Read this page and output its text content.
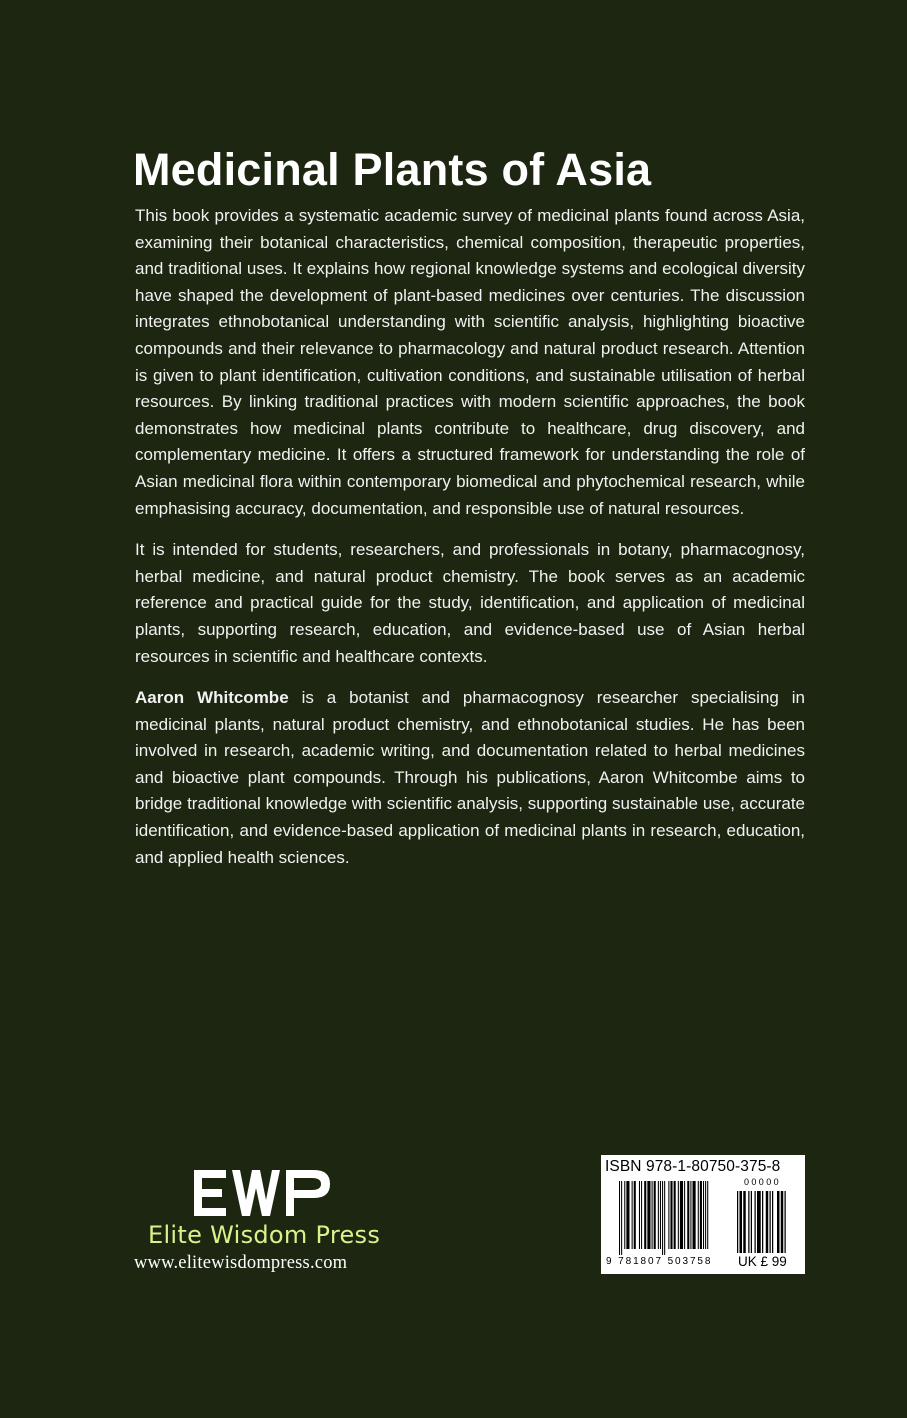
Medicinal Plants of Asia

This book provides a systematic academic survey of medicinal plants found across Asia, examining their botanical characteristics, chemical composition, therapeutic properties, and traditional uses. It explains how regional knowledge systems and ecological diversity have shaped the development of plant-based medicines over centuries. The discussion integrates ethnobotanical understanding with scientific analysis, highlighting bioactive compounds and their relevance to pharmacology and natural product research. Attention is given to plant identification, cultivation conditions, and sustainable utilisation of herbal resources. By linking traditional practices with modern scientific approaches, the book demonstrates how medicinal plants contribute to healthcare, drug discovery, and complementary medicine. It offers a structured framework for understanding the role of Asian medicinal flora within contemporary biomedical and phytochemical research, while emphasising accuracy, documentation, and responsible use of natural resources.

It is intended for students, researchers, and professionals in botany, pharmacognosy, herbal medicine, and natural product chemistry. The book serves as an academic reference and practical guide for the study, identification, and application of medicinal plants, supporting research, education, and evidence-based use of Asian herbal resources in scientific and healthcare contexts.

Aaron Whitcombe is a botanist and pharmacognosy researcher specialising in medicinal plants, natural product chemistry, and ethnobotanical studies. He has been involved in research, academic writing, and documentation related to herbal medicines and bioactive plant compounds. Through his publications, Aaron Whitcombe aims to bridge traditional knowledge with scientific analysis, supporting sustainable use, accurate identification, and evidence-based application of medicinal plants in research, education, and applied health sciences.

Elite Wisdom Press
www.elitewisdompress.com
ISBN 978-1-80750-375-8
00000
9 781807 503758 UK £ 99
